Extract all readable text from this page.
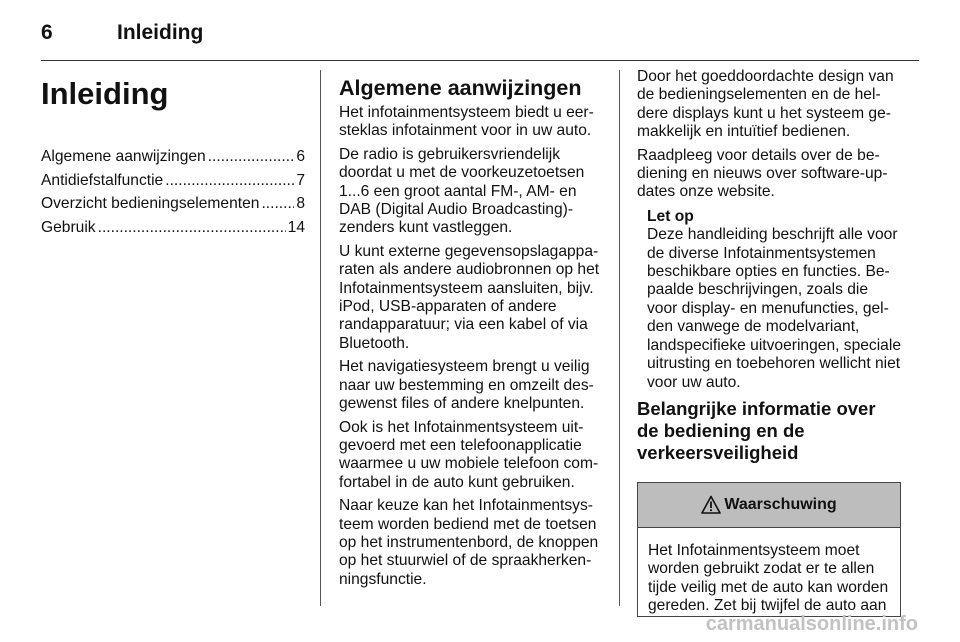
6	Inleiding
Inleiding
Algemene aanwijzingen .....	6
Antidiefstalfunctie .....	7
Overzicht bedieningselementen ..... 8
Gebruik .....	14
Algemene aanwijzingen

Het infotainmentsysteem biedt u eersteklas infotainment voor in uw auto.

De radio is gebruikersvriendelijk doordat u met de voorkeuzetoetsen 1...6 een groot aantal FM-, AM- en DAB (Digital Audio Broadcasting)-zenders kunt vastleggen.

U kunt externe gegevensopslagapparaten als andere audiobronnen op het Infotainmentsysteem aansluiten, bijv. iPod, USB-apparaten of andere randapparatuur; via een kabel of via Bluetooth.

Het navigatiesysteem brengt u veilig naar uw bestemming en omzeilt desgewenst files of andere knelpunten.

Ook is het Infotainmentsysteem uitgevoerd met een telefoonapplicatie waarmee u uw mobiele telefoon comfortabel in de auto kunt gebruiken.

Naar keuze kan het Infotainmentsysteem worden bediend met de toetsen op het instrumentenbord, de knoppen op het stuurwiel of de spraakherkenningsfunctie.

Door het goeddoordachte design van de bedieningselementen en de heldere displays kunt u het systeem gemakkelijk en intuïtief bedienen.

Raadpleeg voor details over de bediening en nieuws over software-updates onze website.

Let op
Deze handleiding beschrijft alle voor de diverse Infotainmentsystemen beschikbare opties en functies. Bepaalde beschrijvingen, zoals die voor display- en menufuncties, gelden vanwege de modelvariant, landspecifieke uitvoeringen, speciale uitrusting en toebehoren wellicht niet voor uw auto.
Belangrijke informatie over de bediening en de verkeersveiligheid
Waarschuwing
Het Infotainmentsysteem moet worden gebruikt zodat er te allen tijde veilig met de auto kan worden gereden. Zet bij twijfel de auto aan
carmanualsonline.info
